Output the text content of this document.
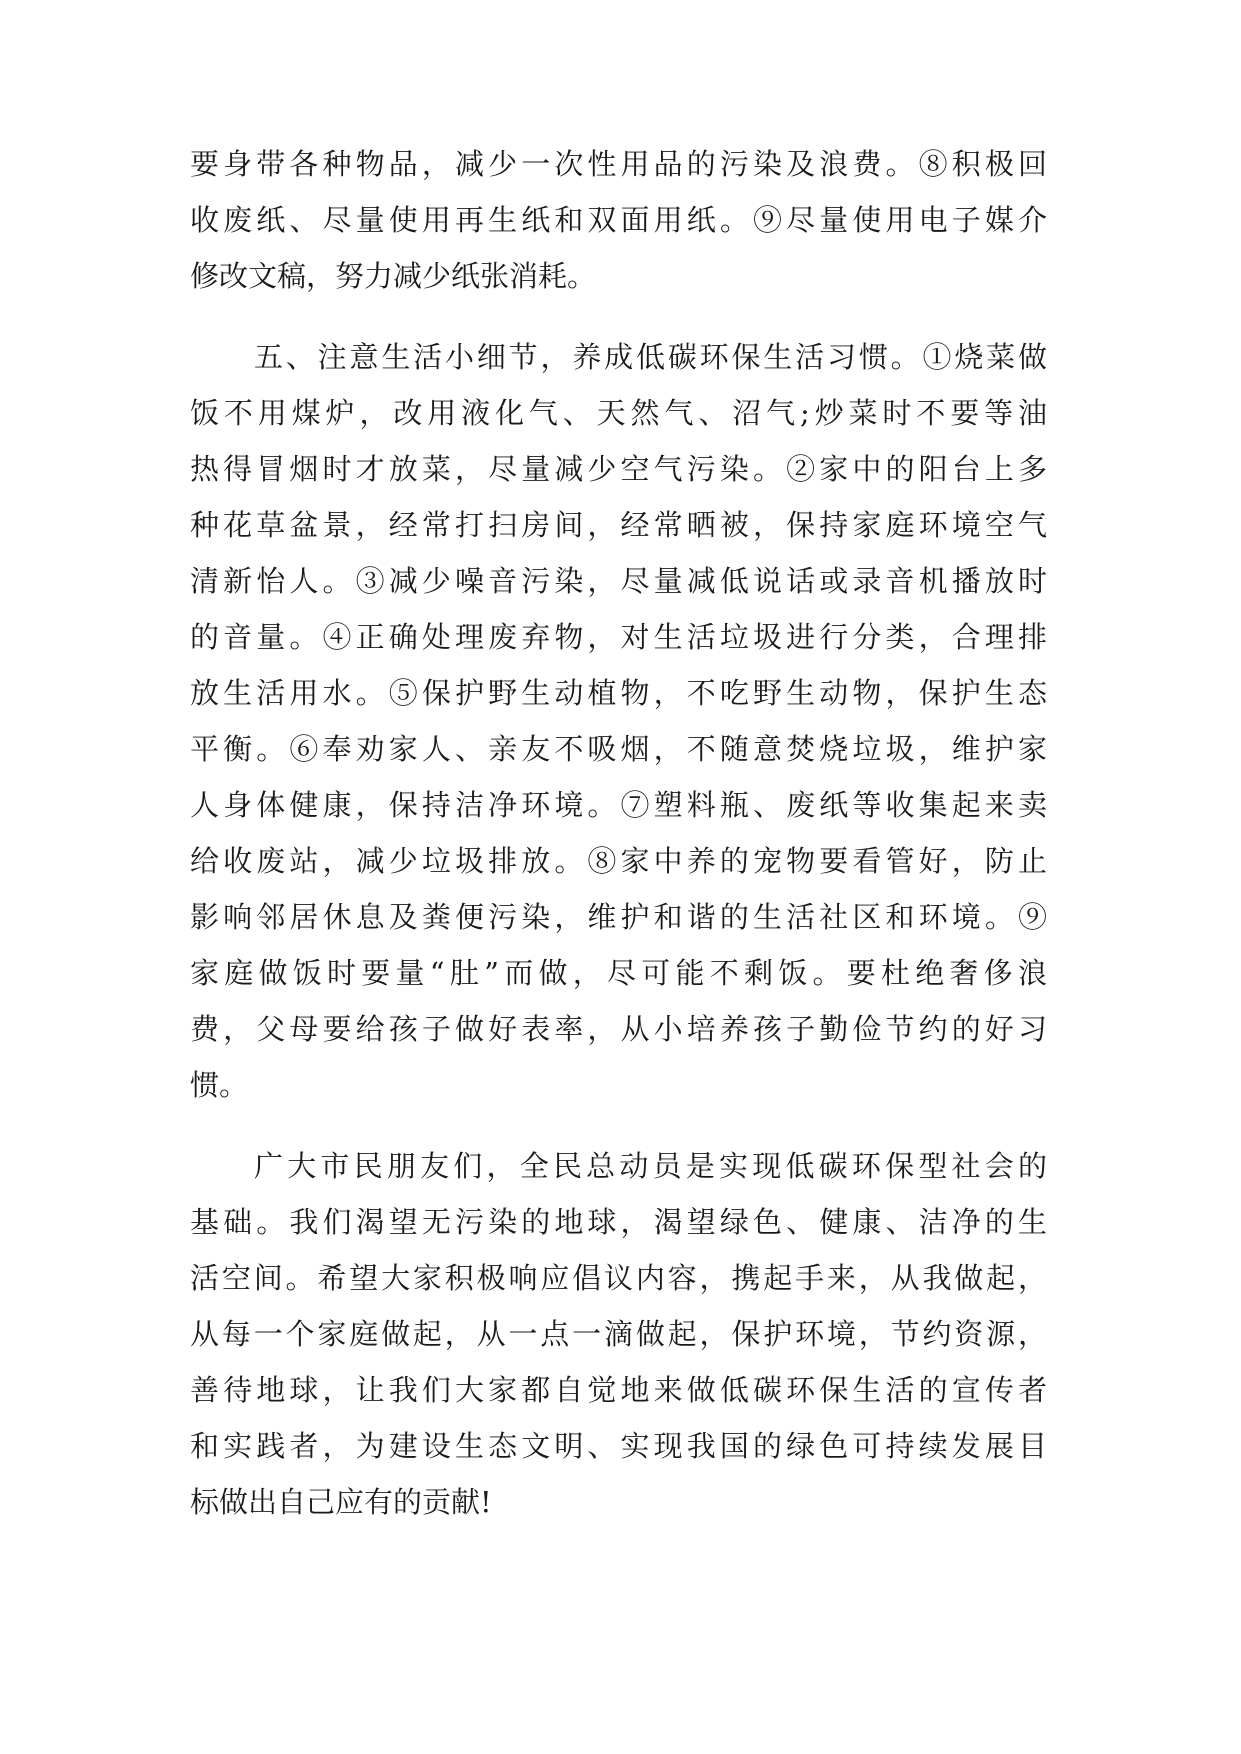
要身带各种物品，减少一次性用品的污染及浪费。⑧积极回
收废纸、尽量使用再生纸和双面用纸。⑨尽量使用电子媒介
修改文稿，努力减少纸张消耗。
五、注意生活小细节，养成低碳环保生活习惯。①烧菜做
饭不用煤炉，改用液化气、天然气、沼气;炒菜时不要等油
热得冒烟时才放菜，尽量减少空气污染。②家中的阳台上多
种花草盆景，经常打扫房间，经常晒被，保持家庭环境空气
清新怡人。③减少噪音污染，尽量减低说话或录音机播放时
的音量。④正确处理废弃物，对生活垃圾进行分类，合理排
放生活用水。⑤保护野生动植物，不吃野生动物，保护生态
平衡。⑥奉劝家人、亲友不吸烟，不随意焚烧垃圾，维护家
人身体健康，保持洁净环境。⑦塑料瓶、废纸等收集起来卖
给收废站，减少垃圾排放。⑧家中养的宠物要看管好，防止
影响邻居休息及粪便污染，维护和谐的生活社区和环境。⑨
家庭做饭时要量“肚”而做，尽可能不剩饭。要杜绝奢侈浪
费，父母要给孩子做好表率，从小培养孩子勤俭节约的好习
惯。
广大市民朋友们，全民总动员是实现低碳环保型社会的
基础。我们渴望无污染的地球，渴望绿色、健康、洁净的生
活空间。希望大家积极响应倡议内容，携起手来，从我做起，
从每一个家庭做起，从一点一滴做起，保护环境，节约资源，
善待地球，让我们大家都自觉地来做低碳环保生活的宣传者
和实践者，为建设生态文明、实现我国的绿色可持续发展目
标做出自己应有的贡献!
